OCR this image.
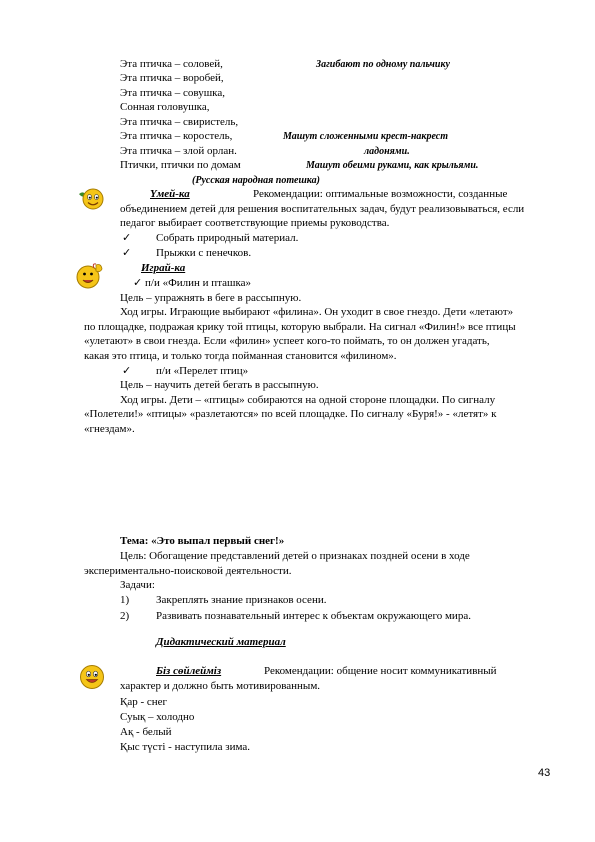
Эта птичка – соловей,	Загибают по одному пальчику
Эта птичка – воробей,
Эта птичка – совушка,
Сонная головушка,
Эта птичка – свиристель,
Эта птичка – коростель,	Машут сложенными крест-накрест
Эта птичка – злой орлан.	ладонями.
Птички, птички по домам	Машут обеими руками, как крыльями.
(Русская народная потешка)
Үмей-ка	Рекомендации: оптимальные возможности, созданные
объединением детей для решения воспитательных задач, будут реализовываться, если
педагог выбирает соответствующие приемы руководства.
✓ Собрать природный материал.
✓ Прыжки с пенечков.
Играй-ка
✓ п/и «Филин и пташка»
Цель – упражнять в беге в рассыпную.
Ход игры. Играющие выбирают «филина». Он уходит в свое гнездо. Дети «летают»
по площадке, подражая крику той птицы, которую выбрали. На сигнал «Филин!» все птицы
«улетают» в свои гнезда. Если «филин» успеет кого-то поймать, то он должен угадать,
какая это птица, и только тогда пойманная становится «филином».
✓ п/и «Перелет птиц»
Цель – научить детей бегать в рассыпную.
Ход игры. Дети – «птицы» собираются на одной стороне площадки. По сигналу
«Полетели!» «птицы» «разлетаются» по всей площадке. По сигналу «Буря!» - «летят» к
«гнездам».
Тема: «Это выпал первый снег!»
Цель: Обогащение представлений детей о признаках поздней осени в ходе
экспериментально-поисковой деятельности.
Задачи:
1) Закреплять знание признаков осени.
2) Развивать познавательный интерес к объектам окружающего мира.
Дидактический материал
Біз сөйлейміз	Рекомендации: общение носит коммуникативный
характер и должно быть мотивированным.
Қар - снег
Суық – холодно
Ақ - белый
Қыс түсті - наступила зима.
43
